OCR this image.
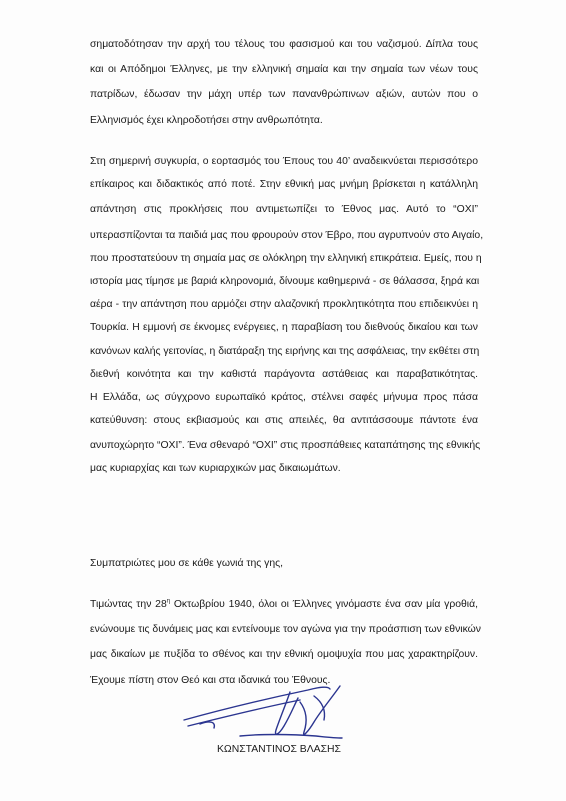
σηματοδότησαν την αρχή του τέλους του φασισμού και του ναζισμού. Δίπλα τους
και οι Απόδημοι Έλληνες, με την ελληνική σημαία και την σημαία των νέων τους
πατρίδων, έδωσαν την μάχη υπέρ των πανανθρώπινων αξιών, αυτών που ο
Ελληνισμός έχει κληροδοτήσει στην ανθρωπότητα.
Στη σημερινή συγκυρία, ο εορτασμός του Έπους του 40’ αναδεικνύεται περισσότερο
επίκαιρος και διδακτικός από ποτέ. Στην εθνική μας μνήμη βρίσκεται η κατάλληλη
απάντηση στις προκλήσεις που αντιμετωπίζει το Έθνος μας. Αυτό το “ΟΧΙ”
υπερασπίζονται τα παιδιά μας που φρουρούν στον Έβρο, που αγρυπνούν στο Αιγαίο,
που προστατεύουν τη σημαία μας σε ολόκληρη την ελληνική επικράτεια. Εμείς, που η
ιστορία μας τίμησε με βαριά κληρονομιά, δίνουμε καθημερινά - σε θάλασσα, ξηρά και
αέρα - την απάντηση που αρμόζει στην αλαζονική προκλητικότητα που επιδεικνύει η
Τουρκία. Η εμμονή σε έκνομες ενέργειες, η παραβίαση του διεθνούς δικαίου και των
κανόνων καλής γειτονίας, η διατάραξη της ειρήνης και της ασφάλειας, την εκθέτει στη
διεθνή κοινότητα και την καθιστά παράγοντα αστάθειας και παραβατικότητας.
Η Ελλάδα, ως σύγχρονο ευρωπαϊκό κράτος, στέλνει σαφές μήνυμα προς πάσα
κατεύθυνση: στους εκβιασμούς και στις απειλές, θα αντιτάσσουμε πάντοτε ένα
ανυποχώρητο “ΟΧΙ”. Ένα σθεναρό “ΟΧΙ” στις προσπάθειες καταπάτησης της εθνικής
μας κυριαρχίας και των κυριαρχικών μας δικαιωμάτων.
Συμπατριώτες μου σε κάθε γωνιά της γης,
Τιμώντας την $28^\eta$ Οκτωβρίου 1940, όλοι οι Έλληνες γινόμαστε ένα σαν μία γροθιά,
ενώνουμε τις δυνάμεις μας και εντείνουμε τον αγώνα για την προάσπιση των εθνικών
μας δικαίων με πυξίδα το σθένος και την εθνική ομοψυχία που μας χαρακτηρίζουν.
Έχουμε πίστη στον Θεό και στα ιδανικά του Έθνους.
ΚΩΝΣΤΑΝΤΙΝΟΣ ΒΛΑΣΗΣ
